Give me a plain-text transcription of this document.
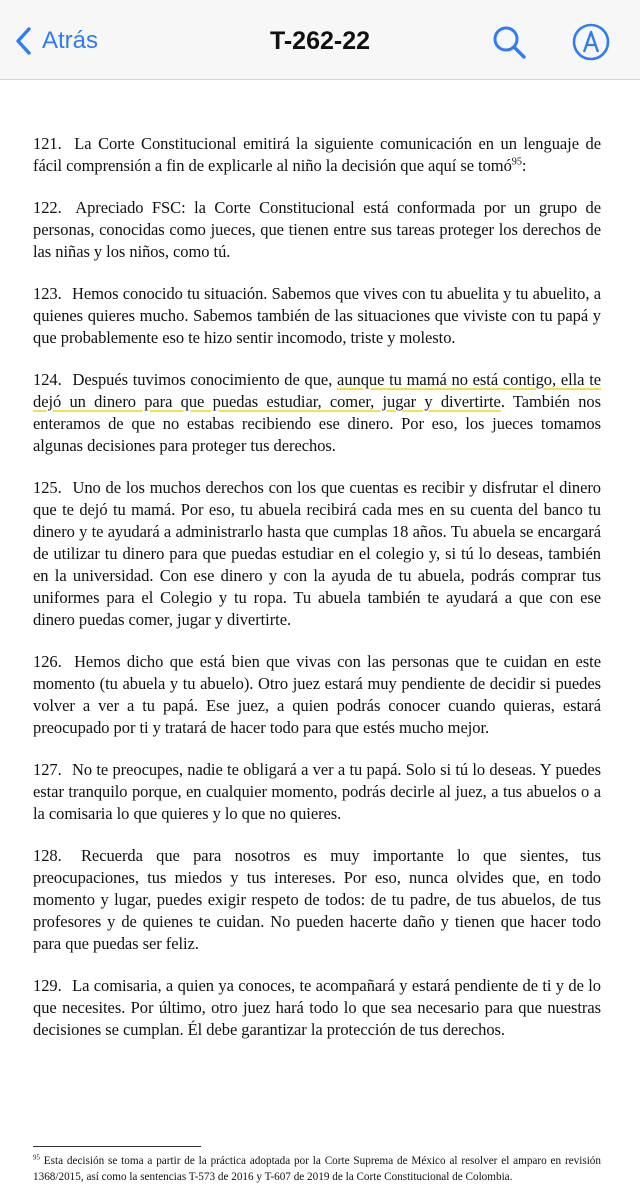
Atrás	T-262-22

121. La Corte Constitucional emitirá la siguiente comunicación en un lenguaje de fácil comprensión a fin de explicarle al niño la decisión que aquí se tomó$^{95}$:

122. Apreciado FSC: la Corte Constitucional está conformada por un grupo de personas, conocidas como jueces, que tienen entre sus tareas proteger los derechos de las niñas y los niños, como tú.

123. Hemos conocido tu situación. Sabemos que vives con tu abuelita y tu abuelito, a quienes quieres mucho. Sabemos también de las situaciones que viviste con tu papá y que probablemente eso te hizo sentir incomodo, triste y molesto.

124. Después tuvimos conocimiento de que, aunque tu mamá no está contigo, ella te dejó un dinero para que puedas estudiar, comer, jugar y divertirte. También nos enteramos de que no estabas recibiendo ese dinero. Por eso, los jueces tomamos algunas decisiones para proteger tus derechos.

125. Uno de los muchos derechos con los que cuentas es recibir y disfrutar el dinero que te dejó tu mamá. Por eso, tu abuela recibirá cada mes en su cuenta del banco tu dinero y te ayudará a administrarlo hasta que cumplas 18 años. Tu abuela se encargará de utilizar tu dinero para que puedas estudiar en el colegio y, si tú lo deseas, también en la universidad. Con ese dinero y con la ayuda de tu abuela, podrás comprar tus uniformes para el Colegio y tu ropa. Tu abuela también te ayudará a que con ese dinero puedas comer, jugar y divertirte.

126. Hemos dicho que está bien que vivas con las personas que te cuidan en este momento (tu abuela y tu abuelo). Otro juez estará muy pendiente de decidir si puedes volver a ver a tu papá. Ese juez, a quien podrás conocer cuando quieras, estará preocupado por ti y tratará de hacer todo para que estés mucho mejor.

127. No te preocupes, nadie te obligará a ver a tu papá. Solo si tú lo deseas. Y puedes estar tranquilo porque, en cualquier momento, podrás decirle al juez, a tus abuelos o a la comisaria lo que quieres y lo que no quieres.

128. Recuerda que para nosotros es muy importante lo que sientes, tus preocupaciones, tus miedos y tus intereses. Por eso, nunca olvides que, en todo momento y lugar, puedes exigir respeto de todos: de tu padre, de tus abuelos, de tus profesores y de quienes te cuidan. No pueden hacerte daño y tienen que hacer todo para que puedas ser feliz.

129. La comisaria, a quien ya conoces, te acompañará y estará pendiente de ti y de lo que necesites. Por último, otro juez hará todo lo que sea necesario para que nuestras decisiones se cumplan. Él debe garantizar la protección de tus derechos.

$^{95}$ Esta decisión se toma a partir de la práctica adoptada por la Corte Suprema de México al resolver el amparo en revisión 1368/2015, así como la sentencias T-573 de 2016 y T-607 de 2019 de la Corte Constitucional de Colombia.
